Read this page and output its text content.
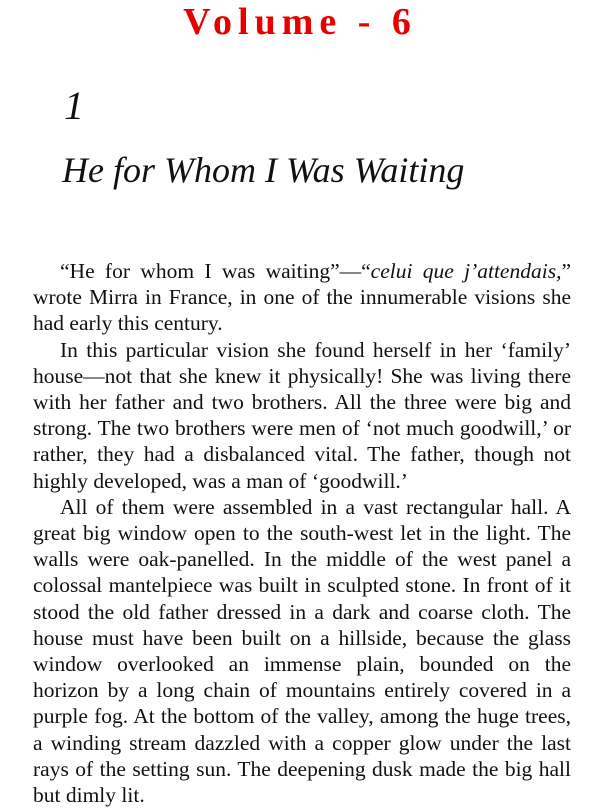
Volume - 6
1
He for Whom I Was Waiting

“He for whom I was waiting”—“celui que j’attendais,” wrote Mirra in France, in one of the innumerable visions she had early this century.

In this particular vision she found herself in her ‘family’ house—not that she knew it physically! She was living there with her father and two brothers. All the three were big and strong. The two brothers were men of ‘not much goodwill,’ or rather, they had a disbalanced vital. The father, though not highly developed, was a man of ‘goodwill.’

All of them were assembled in a vast rectangular hall. A great big window open to the south-west let in the light. The walls were oak-panelled. In the middle of the west panel a colossal mantelpiece was built in sculpted stone. In front of it stood the old father dressed in a dark and coarse cloth. The house must have been built on a hillside, because the glass window overlooked an immense plain, bounded on the horizon by a long chain of mountains entirely covered in a purple fog. At the bottom of the valley, among the huge trees, a winding stream dazzled with a copper glow under the last rays of the setting sun. The deepening dusk made the big hall but dimly lit.
